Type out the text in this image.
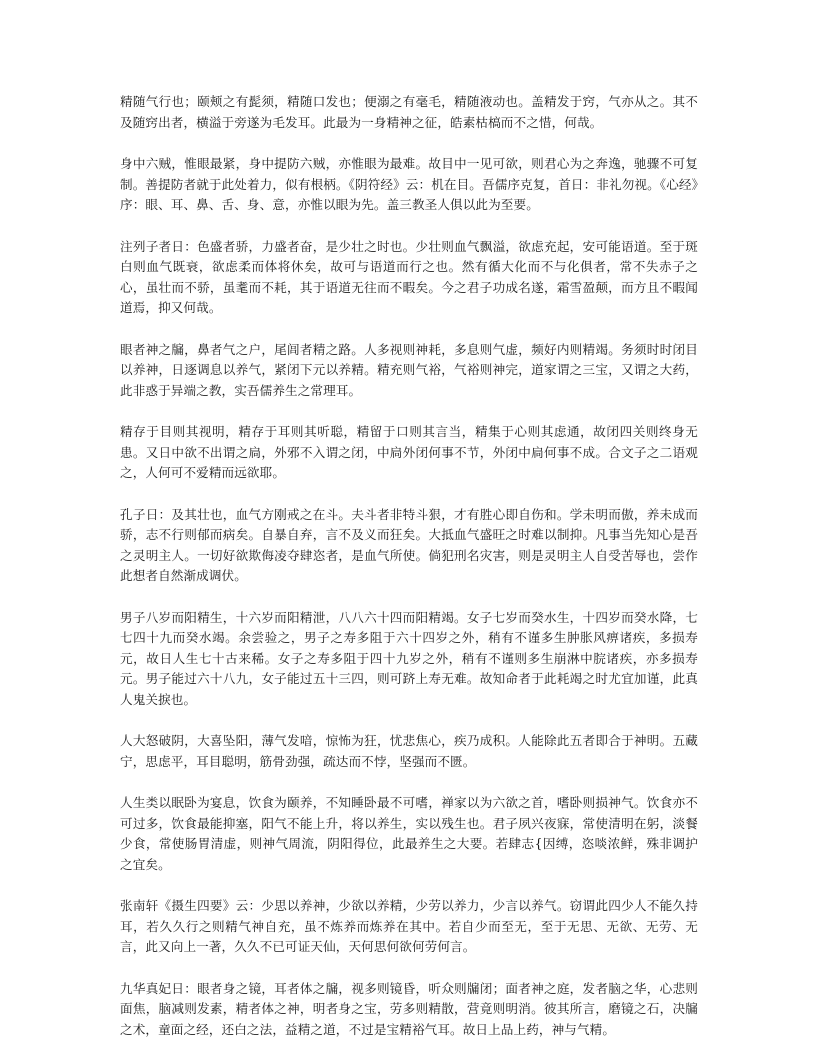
精随气行也；颐颊之有髭须，精随口发也；便溺之有毫毛，精随液动也。盖精发于窍，气亦从之。其不及随窍出者，横溢于旁遂为毛发耳。此最为一身精神之征，皓素枯槁而不之惜，何哉。

身中六贼，惟眼最紧，身中提防六贼，亦惟眼为最难。故目中一见可欲，则君心为之奔逸，驰骤不可复制。善提防者就于此处着力，似有根柄。《阴符经》云：机在目。吾儒序克复，首日：非礼勿视。《心经》序：眼、耳、鼻、舌、身、意，亦惟以眼为先。盖三教圣人俱以此为至要。

注列子者日：色盛者骄，力盛者奋，是少壮之时也。少壮则血气飘溢，欲虑充起，安可能语道。至于斑白则血气既衰，欲虑柔而体将休矣，故可与语道而行之也。然有循大化而不与化俱者，常不失赤子之心，虽壮而不骄，虽耄而不耗，其于语道无往而不暇矣。今之君子功成名遂，霜雪盈颠，而方且不暇闻道焉，抑又何哉。

眼者神之牖，鼻者气之户，尾闾者精之路。人多视则神耗，多息则气虚，频好内则精竭。务须时时闭目以养神，日逐调息以养气，紧闭下元以养精。精充则气裕，气裕则神完，道家谓之三宝，又谓之大药，此非惑于异端之教，实吾儒养生之常理耳。

精存于目则其视明，精存于耳则其听聪，精留于口则其言当，精集于心则其虑通，故闭四关则终身无患。又日中欲不出谓之扃，外邪不入谓之闭，中扃外闭何事不节，外闭中扃何事不成。合文子之二语观之，人何可不爱精而远欲耶。

孔子日：及其壮也，血气方刚戒之在斗。夫斗者非特斗狠，才有胜心即自伤和。学未明而傲，养未成而骄，志不行则郁而病矣。自暴自弃，言不及义而狂矣。大抵血气盛旺之时难以制抑。凡事当先知心是吾之灵明主人。一切好欲欺侮凌夺肆恣者，是血气所使。倘犯刑名灾害，则是灵明主人自受苦辱也，尝作此想者自然渐成调伏。

男子八岁而阳精生，十六岁而阳精泄，八八六十四而阳精竭。女子七岁而癸水生，十四岁而癸水降，七七四十九而癸水竭。余尝验之，男子之寿多阻于六十四岁之外，稍有不谨多生肿胀风痹诸疾，多损寿元，故日人生七十古来稀。女子之寿多阻于四十九岁之外，稍有不谨则多生崩淋中脘诸疾，亦多损寿元。男子能过六十八九，女子能过五十三四，则可跻上寿无难。故知命者于此耗竭之时尤宜加谨，此真人鬼关捩也。

人大怒破阴，大喜坠阳，薄气发喑，惊怖为狂，忧悲焦心，疾乃成积。人能除此五者即合于神明。五藏宁，思虑平，耳目聪明，筋骨劲强，疏达而不悖，坚强而不匮。

人生类以眠卧为宴息，饮食为颐养，不知睡卧最不可嗜，禅家以为六欲之首，嗜卧则损神气。饮食亦不可过多，饮食最能抑塞，阳气不能上升，将以养生，实以残生也。君子夙兴夜寐，常使清明在躬，淡餐少食，常使肠胃清虚，则神气周流，阴阳得位，此最养生之大要。若肆志{因缚，恣啖浓鲜，殊非调护之宜矣。

张南轩《摄生四要》云：少思以养神，少欲以养精，少劳以养力，少言以养气。窃谓此四少人不能久持耳，若久久行之则精气神自充，虽不炼养而炼养在其中。若自少而至无，至于无思、无欲、无劳、无言，此又向上一著，久久不已可证天仙，天何思何欲何劳何言。

九华真妃日：眼者身之镜，耳者体之牖，视多则镜昏，听众则牖闭；面者神之庭，发者脑之华，心悲则面焦，脑减则发素，精者体之神，明者身之宝，劳多则精散，营竟则明消。彼其所言，磨镜之石，决牖之术，童面之经，还白之法，益精之道，不过是宝精裕气耳。故日上品上药，神与气精。
